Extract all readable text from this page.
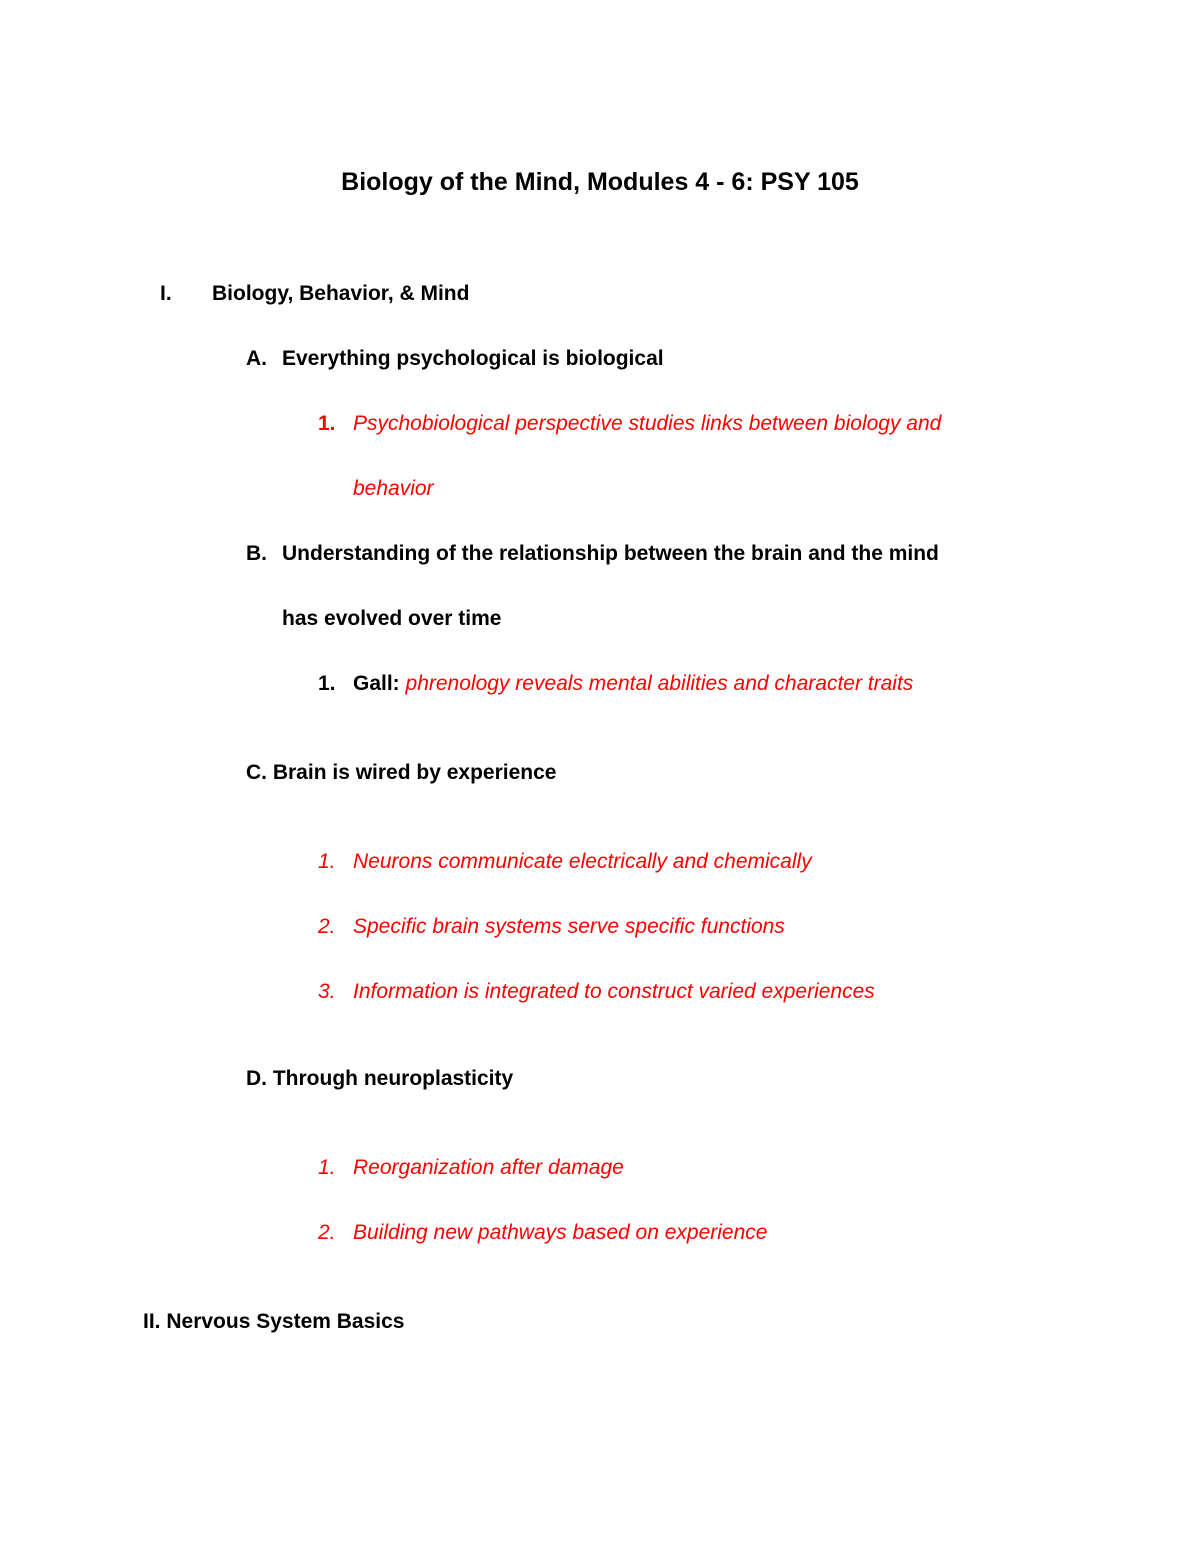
Biology of the Mind, Modules 4 - 6: PSY 105
I. Biology, Behavior, & Mind
A. Everything psychological is biological
1. Psychobiological perspective studies links between biology and
behavior
B. Understanding of the relationship between the brain and the mind
has evolved over time
1. Gall: phrenology reveals mental abilities and character traits
C. Brain is wired by experience
1. Neurons communicate electrically and chemically
2. Specific brain systems serve specific functions
3. Information is integrated to construct varied experiences
D. Through neuroplasticity
1. Reorganization after damage
2. Building new pathways based on experience
II. Nervous System Basics
